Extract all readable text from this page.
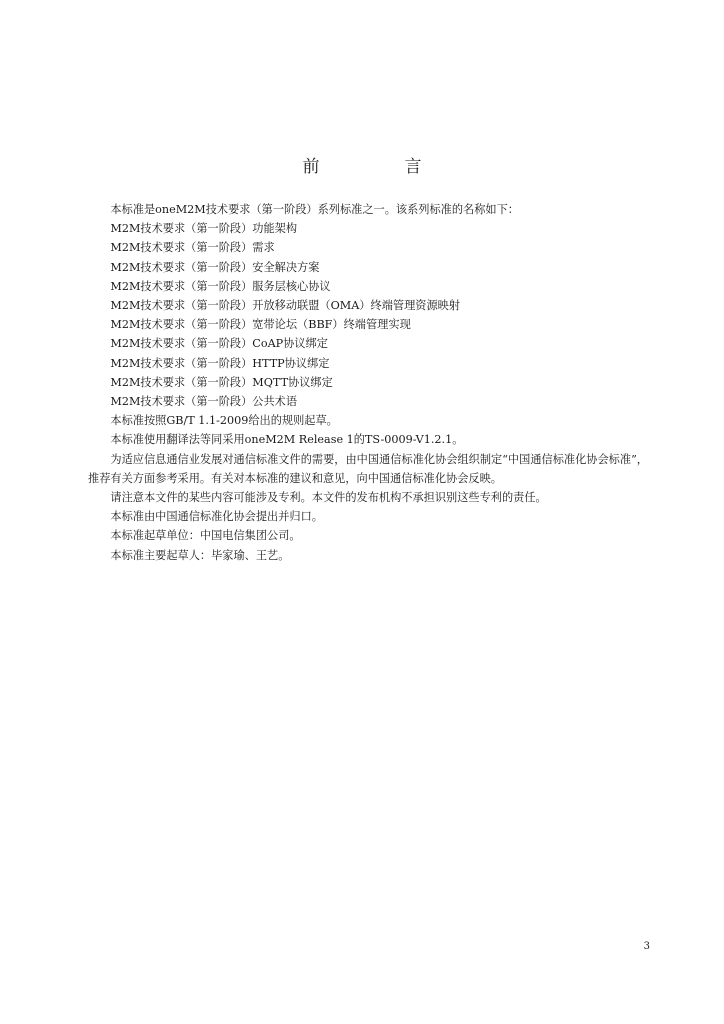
前　言

本标准是oneM2M技术要求（第一阶段）系列标准之一。该系列标准的名称如下：

M2M技术要求（第一阶段）功能架构

M2M技术要求（第一阶段）需求

M2M技术要求（第一阶段）安全解决方案

M2M技术要求（第一阶段）服务层核心协议

M2M技术要求（第一阶段）开放移动联盟（OMA）终端管理资源映射

M2M技术要求（第一阶段）宽带论坛（BBF）终端管理实现

M2M技术要求（第一阶段）CoAP协议绑定

M2M技术要求（第一阶段）HTTP协议绑定

M2M技术要求（第一阶段）MQTT协议绑定

M2M技术要求（第一阶段）公共术语

本标准按照GB/T 1.1-2009给出的规则起草。

本标准使用翻译法等同采用oneM2M Release 1的TS-0009-V1.2.1。

为适应信息通信业发展对通信标准文件的需要，由中国通信标准化协会组织制定“中国通信标准化协会标准”，推荐有关方面参考采用。有关对本标准的建议和意见，向中国通信标准化协会反映。

请注意本文件的某些内容可能涉及专利。本文件的发布机构不承担识别这些专利的责任。

本标准由中国通信标准化协会提出并归口。

本标准起草单位：中国电信集团公司。

本标准主要起草人：毕家瑜、王艺。

3
